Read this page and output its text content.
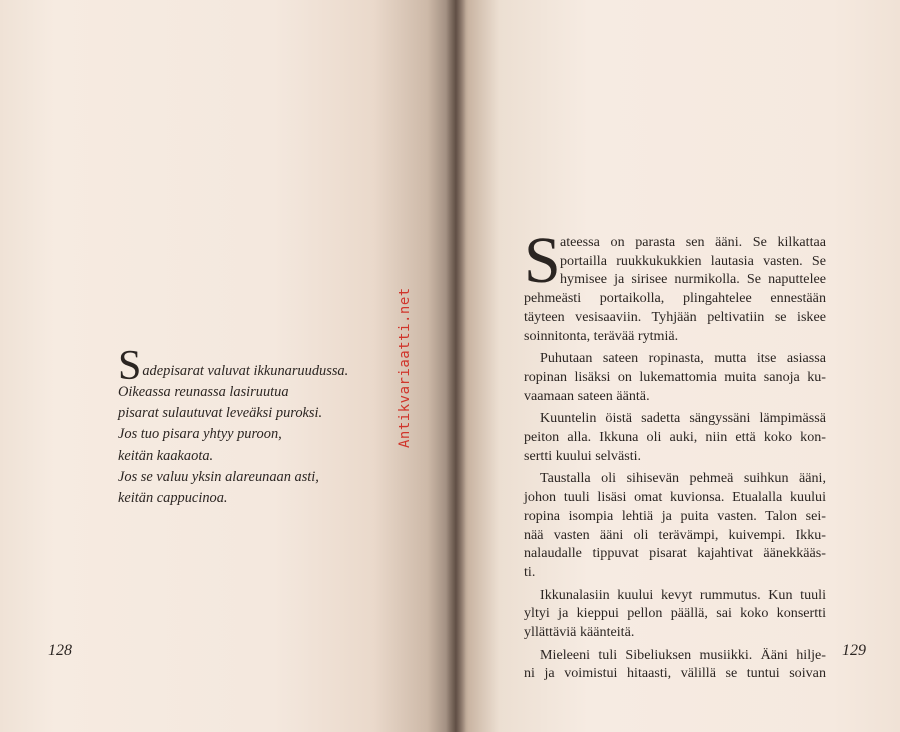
S adepisarat valuvat ikkunaruudussa.
Oikeassa reunassa lasiruutua
pisarat sulautuvat leveäksi puroksi.
Jos tuo pisara yhtyy puroon,
keitän kaakaota.
Jos se valuu yksin alareunaan asti,
keitän cappucinoa.
128
Antikvariaatti.net
S ateessa on parasta sen ääni. Se kilkattaa
portailla ruukkukukkien lautasia vasten. Se
hymisee ja sirisee nurmikolla. Se naputtelee
pehmeästi portaikolla, plingahtelee ennestään
täyteen vesisaaviin. Tyhjään peltivatiin se iskee
soinnitonta, terävää rytmiä.
Puhutaan sateen ropinasta, mutta itse asiassa
ropinan lisäksi on lukemattomia muita sanoja ku-
vaamaan sateen ääntä.
Kuuntelin öistä sadetta sängyssäni lämpimässä
peiton alla. Ikkuna oli auki, niin että koko kon-
sertti kuului selvästi.
Taustalla oli sihisevän pehmeä suihkun ääni,
johon tuuli lisäsi omat kuvionsa. Etualalla kuului
ropina isompia lehtiä ja puita vasten. Talon sei-
nää vasten ääni oli terävämpi, kuivempi. Ikku-
nalaudalle tippuvat pisarat kajahtivat äänekkääs-
ti.
Ikkunalasiin kuului kevyt rummutus. Kun tuuli
yltyi ja kieppui pellon päällä, sai koko konsertti
yllättäviä käänteitä.
Mieleeni tuli Sibeliuksen musiikki. Ääni hilje-
ni ja voimistui hitaasti, välillä se tuntui soivan
129
